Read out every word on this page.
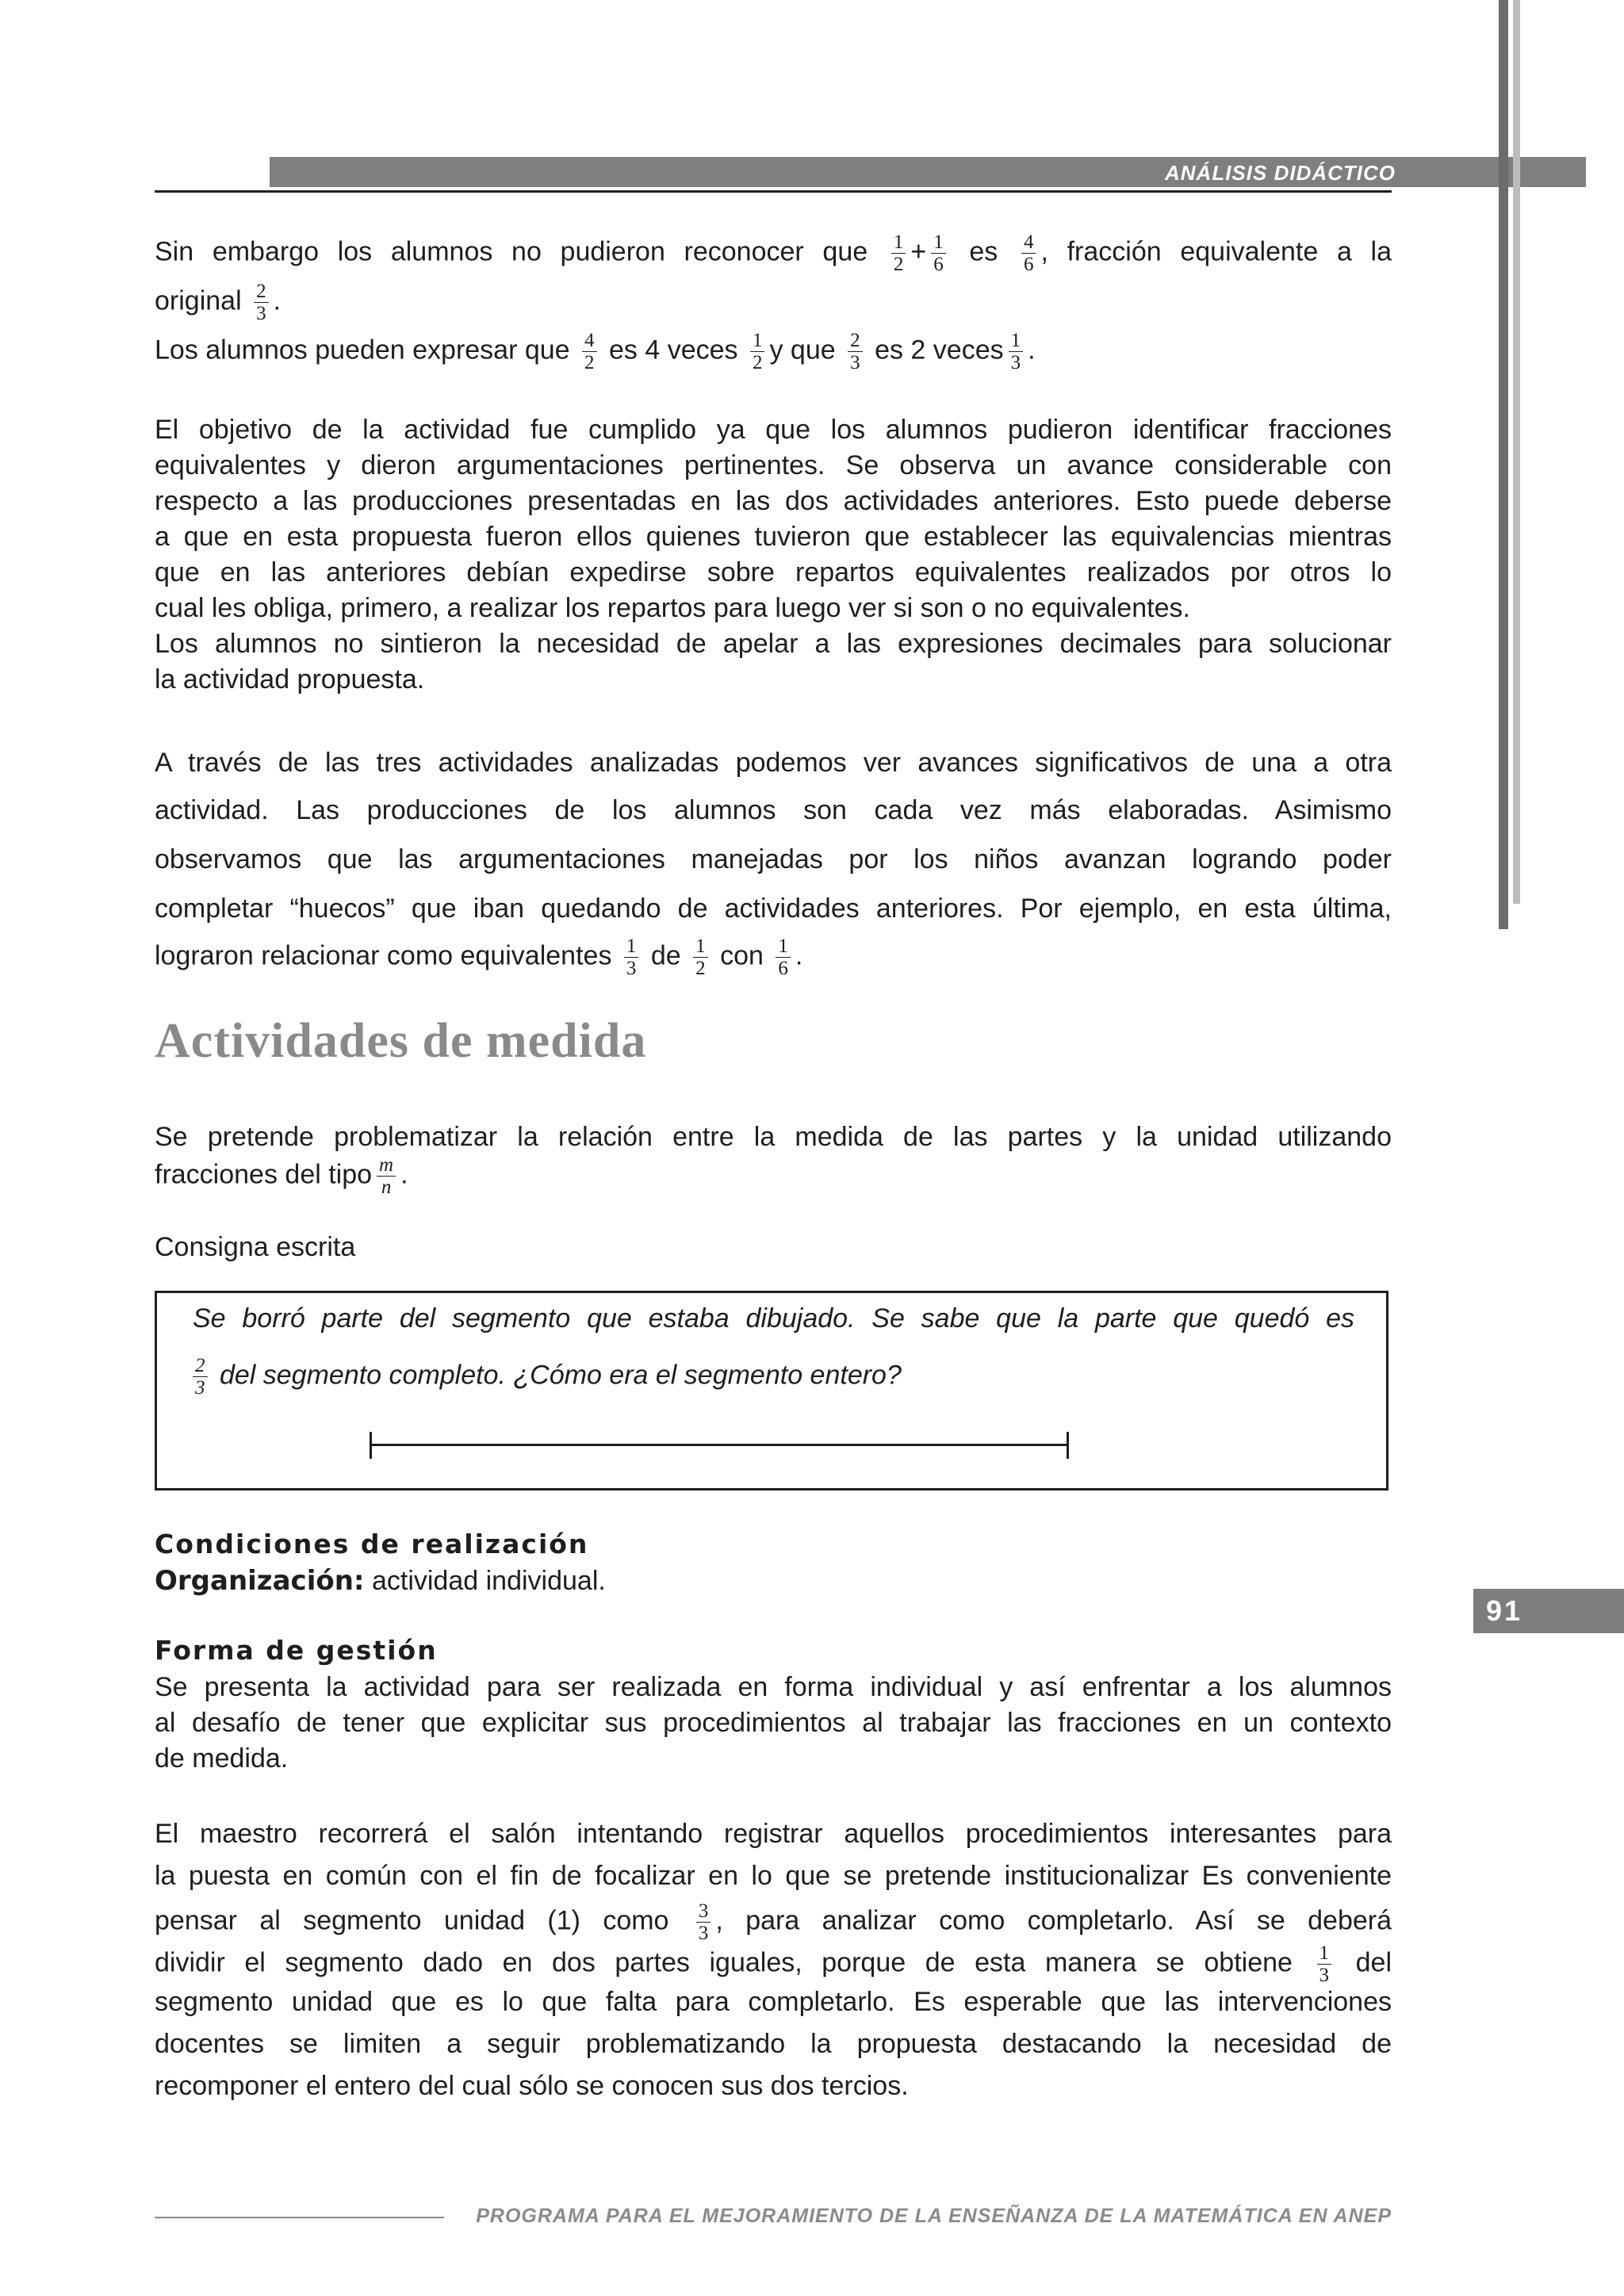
ANÁLISIS DIDÁCTICO
Sin embargo los alumnos no pudieron reconocer que $\frac{1}{2} + \frac{1}{6}$ es $\frac{4}{6}$ , fracción equivalente a la
original $\frac{2}{3}$ .
Los alumnos pueden expresar que $\frac{4}{2}$ es 4 veces $\frac{1}{2}$ y que $\frac{2}{3}$ es 2 veces $\frac{1}{3}$ .
El objetivo de la actividad fue cumplido ya que los alumnos pudieron identificar fracciones
equivalentes y dieron argumentaciones pertinentes. Se observa un avance considerable con
respecto a las producciones presentadas en las dos actividades anteriores. Esto puede deberse
a que en esta propuesta fueron ellos quienes tuvieron que establecer las equivalencias mientras
que en las anteriores debían expedirse sobre repartos equivalentes realizados por otros lo
cual les obliga, primero, a realizar los repartos para luego ver si son o no equivalentes.
Los alumnos no sintieron la necesidad de apelar a las expresiones decimales para solucionar
la actividad propuesta.
A través de las tres actividades analizadas podemos ver avances significativos de una a otra
actividad. Las producciones de los alumnos son cada vez más elaboradas. Asimismo
observamos que las argumentaciones manejadas por los niños avanzan logrando poder
completar “huecos” que iban quedando de actividades anteriores. Por ejemplo, en esta última,
lograron relacionar como equivalentes $\frac{1}{3}$ de $\frac{1}{2}$ con $\frac{1}{6}$ .
Actividades de medida
Se pretende problematizar la relación entre la medida de las partes y la unidad utilizando
fracciones del tipo $\frac{m}{n}$ .
Consigna escrita
Se borró parte del segmento que estaba dibujado. Se sabe que la parte que quedó es
$\frac{2}{3}$ del segmento completo. ¿Cómo era el segmento entero?
Condiciones de realización
Organización: actividad individual.
Forma de gestión
Se presenta la actividad para ser realizada en forma individual y así enfrentar a los alumnos
al desafío de tener que explicitar sus procedimientos al trabajar las fracciones en un contexto
de medida.
El maestro recorrerá el salón intentando registrar aquellos procedimientos interesantes para
la puesta en común con el fin de focalizar en lo que se pretende institucionalizar Es conveniente
pensar al segmento unidad (1) como $\frac{3}{3}$ , para analizar como completarlo. Así se deberá
dividir el segmento dado en dos partes iguales, porque de esta manera se obtiene $\frac{1}{3}$ del
segmento unidad que es lo que falta para completarlo. Es esperable que las intervenciones
docentes se limiten a seguir problematizando la propuesta destacando la necesidad de
recomponer el entero del cual sólo se conocen sus dos tercios.
91
PROGRAMA PARA EL MEJORAMIENTO DE LA ENSEÑANZA DE LA MATEMÁTICA EN ANEP
